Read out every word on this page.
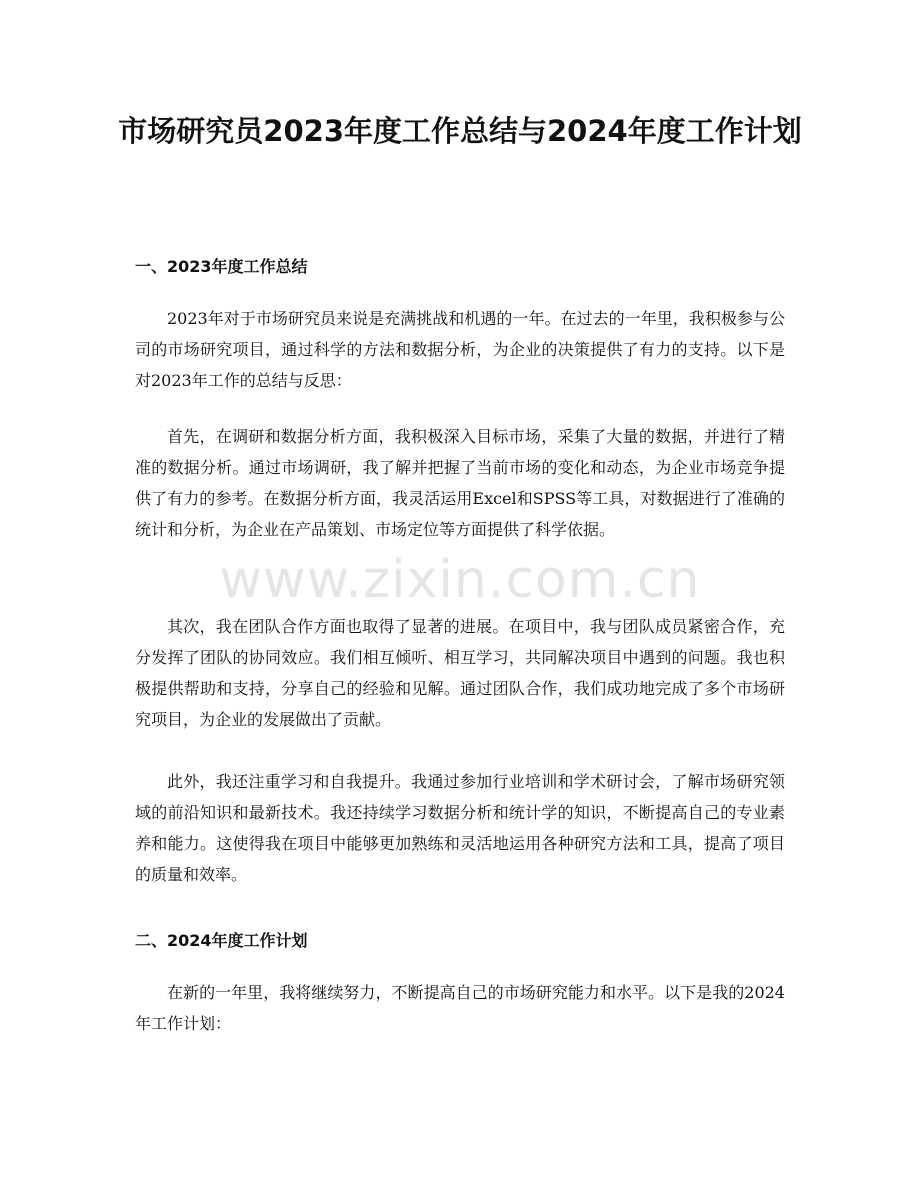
市场研究员2023年度工作总结与2024年度工作计划
一、2023年度工作总结

2023年对于市场研究员来说是充满挑战和机遇的一年。在过去的一年里，我积极参与公司的市场研究项目，通过科学的方法和数据分析，为企业的决策提供了有力的支持。以下是对2023年工作的总结与反思：

首先，在调研和数据分析方面，我积极深入目标市场，采集了大量的数据，并进行了精准的数据分析。通过市场调研，我了解并把握了当前市场的变化和动态，为企业市场竞争提供了有力的参考。在数据分析方面，我灵活运用Excel和SPSS等工具，对数据进行了准确的统计和分析，为企业在产品策划、市场定位等方面提供了科学依据。

其次，我在团队合作方面也取得了显著的进展。在项目中，我与团队成员紧密合作，充分发挥了团队的协同效应。我们相互倾听、相互学习，共同解决项目中遇到的问题。我也积极提供帮助和支持，分享自己的经验和见解。通过团队合作，我们成功地完成了多个市场研究项目，为企业的发展做出了贡献。

此外，我还注重学习和自我提升。我通过参加行业培训和学术研讨会，了解市场研究领域的前沿知识和最新技术。我还持续学习数据分析和统计学的知识，不断提高自己的专业素养和能力。这使得我在项目中能够更加熟练和灵活地运用各种研究方法和工具，提高了项目的质量和效率。

二、2024年度工作计划

在新的一年里，我将继续努力，不断提高自己的市场研究能力和水平。以下是我的2024年工作计划：

www.zixin.com.cn
